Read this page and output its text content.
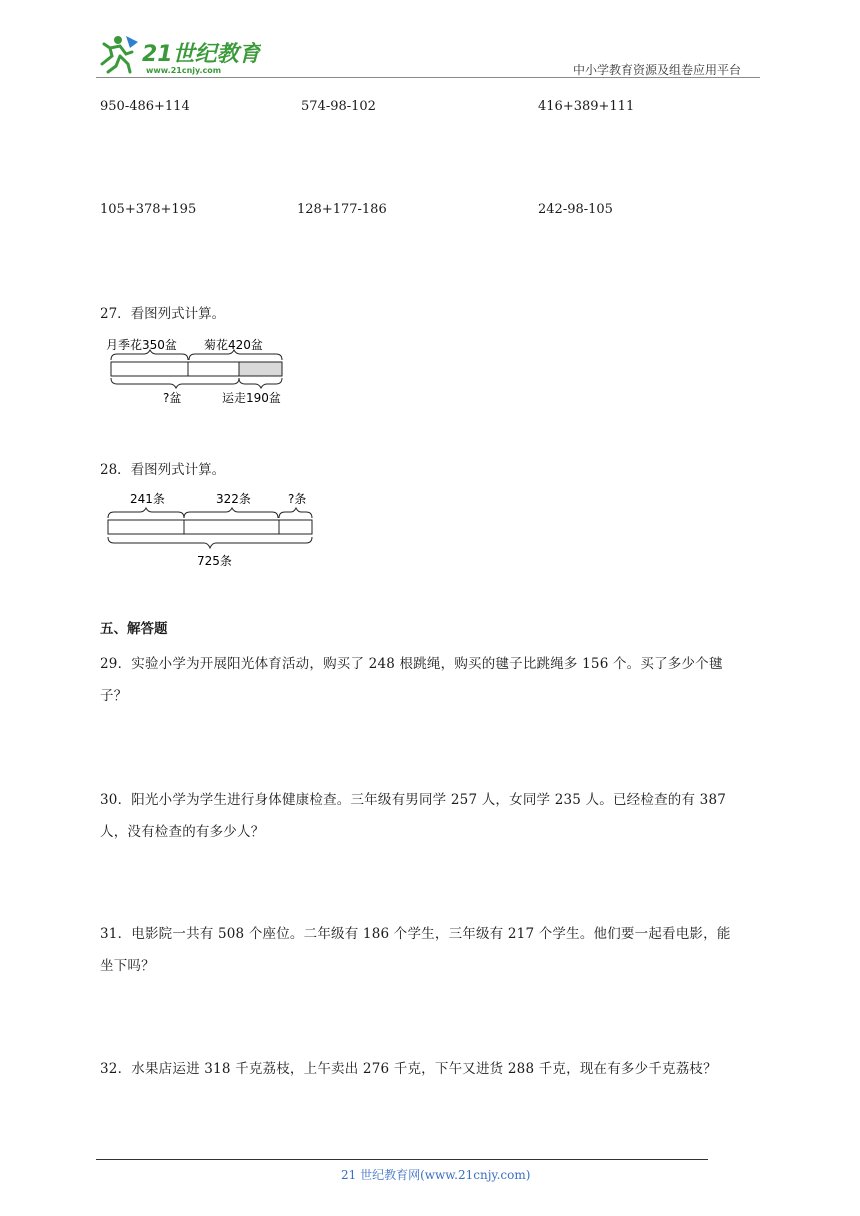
21世纪教育
www.21cnjy.com	中小学教育资源及组卷应用平台
950-486+114	574-98-102	416+389+111
105+378+195	128+177-186	242-98-105
27．看图列式计算。
月季花350盆 菊花420盆
?盆	运走190盆
28．看图列式计算。
241条	322条	?条
725条
五、解答题
29．实验小学为开展阳光体育活动，购买了 248 根跳绳，购买的毽子比跳绳多 156 个。买了多少个毽
子？
30．阳光小学为学生进行身体健康检查。三年级有男同学 257 人，女同学 235 人。已经检查的有 387
人，没有检查的有多少人？
31．电影院一共有 508 个座位。二年级有 186 个学生，三年级有 217 个学生。他们要一起看电影，能
坐下吗？
32．水果店运进 318 千克荔枝，上午卖出 276 千克，下午又进货 288 千克，现在有多少千克荔枝？
21 世纪教育网(www.21cnjy.com)
